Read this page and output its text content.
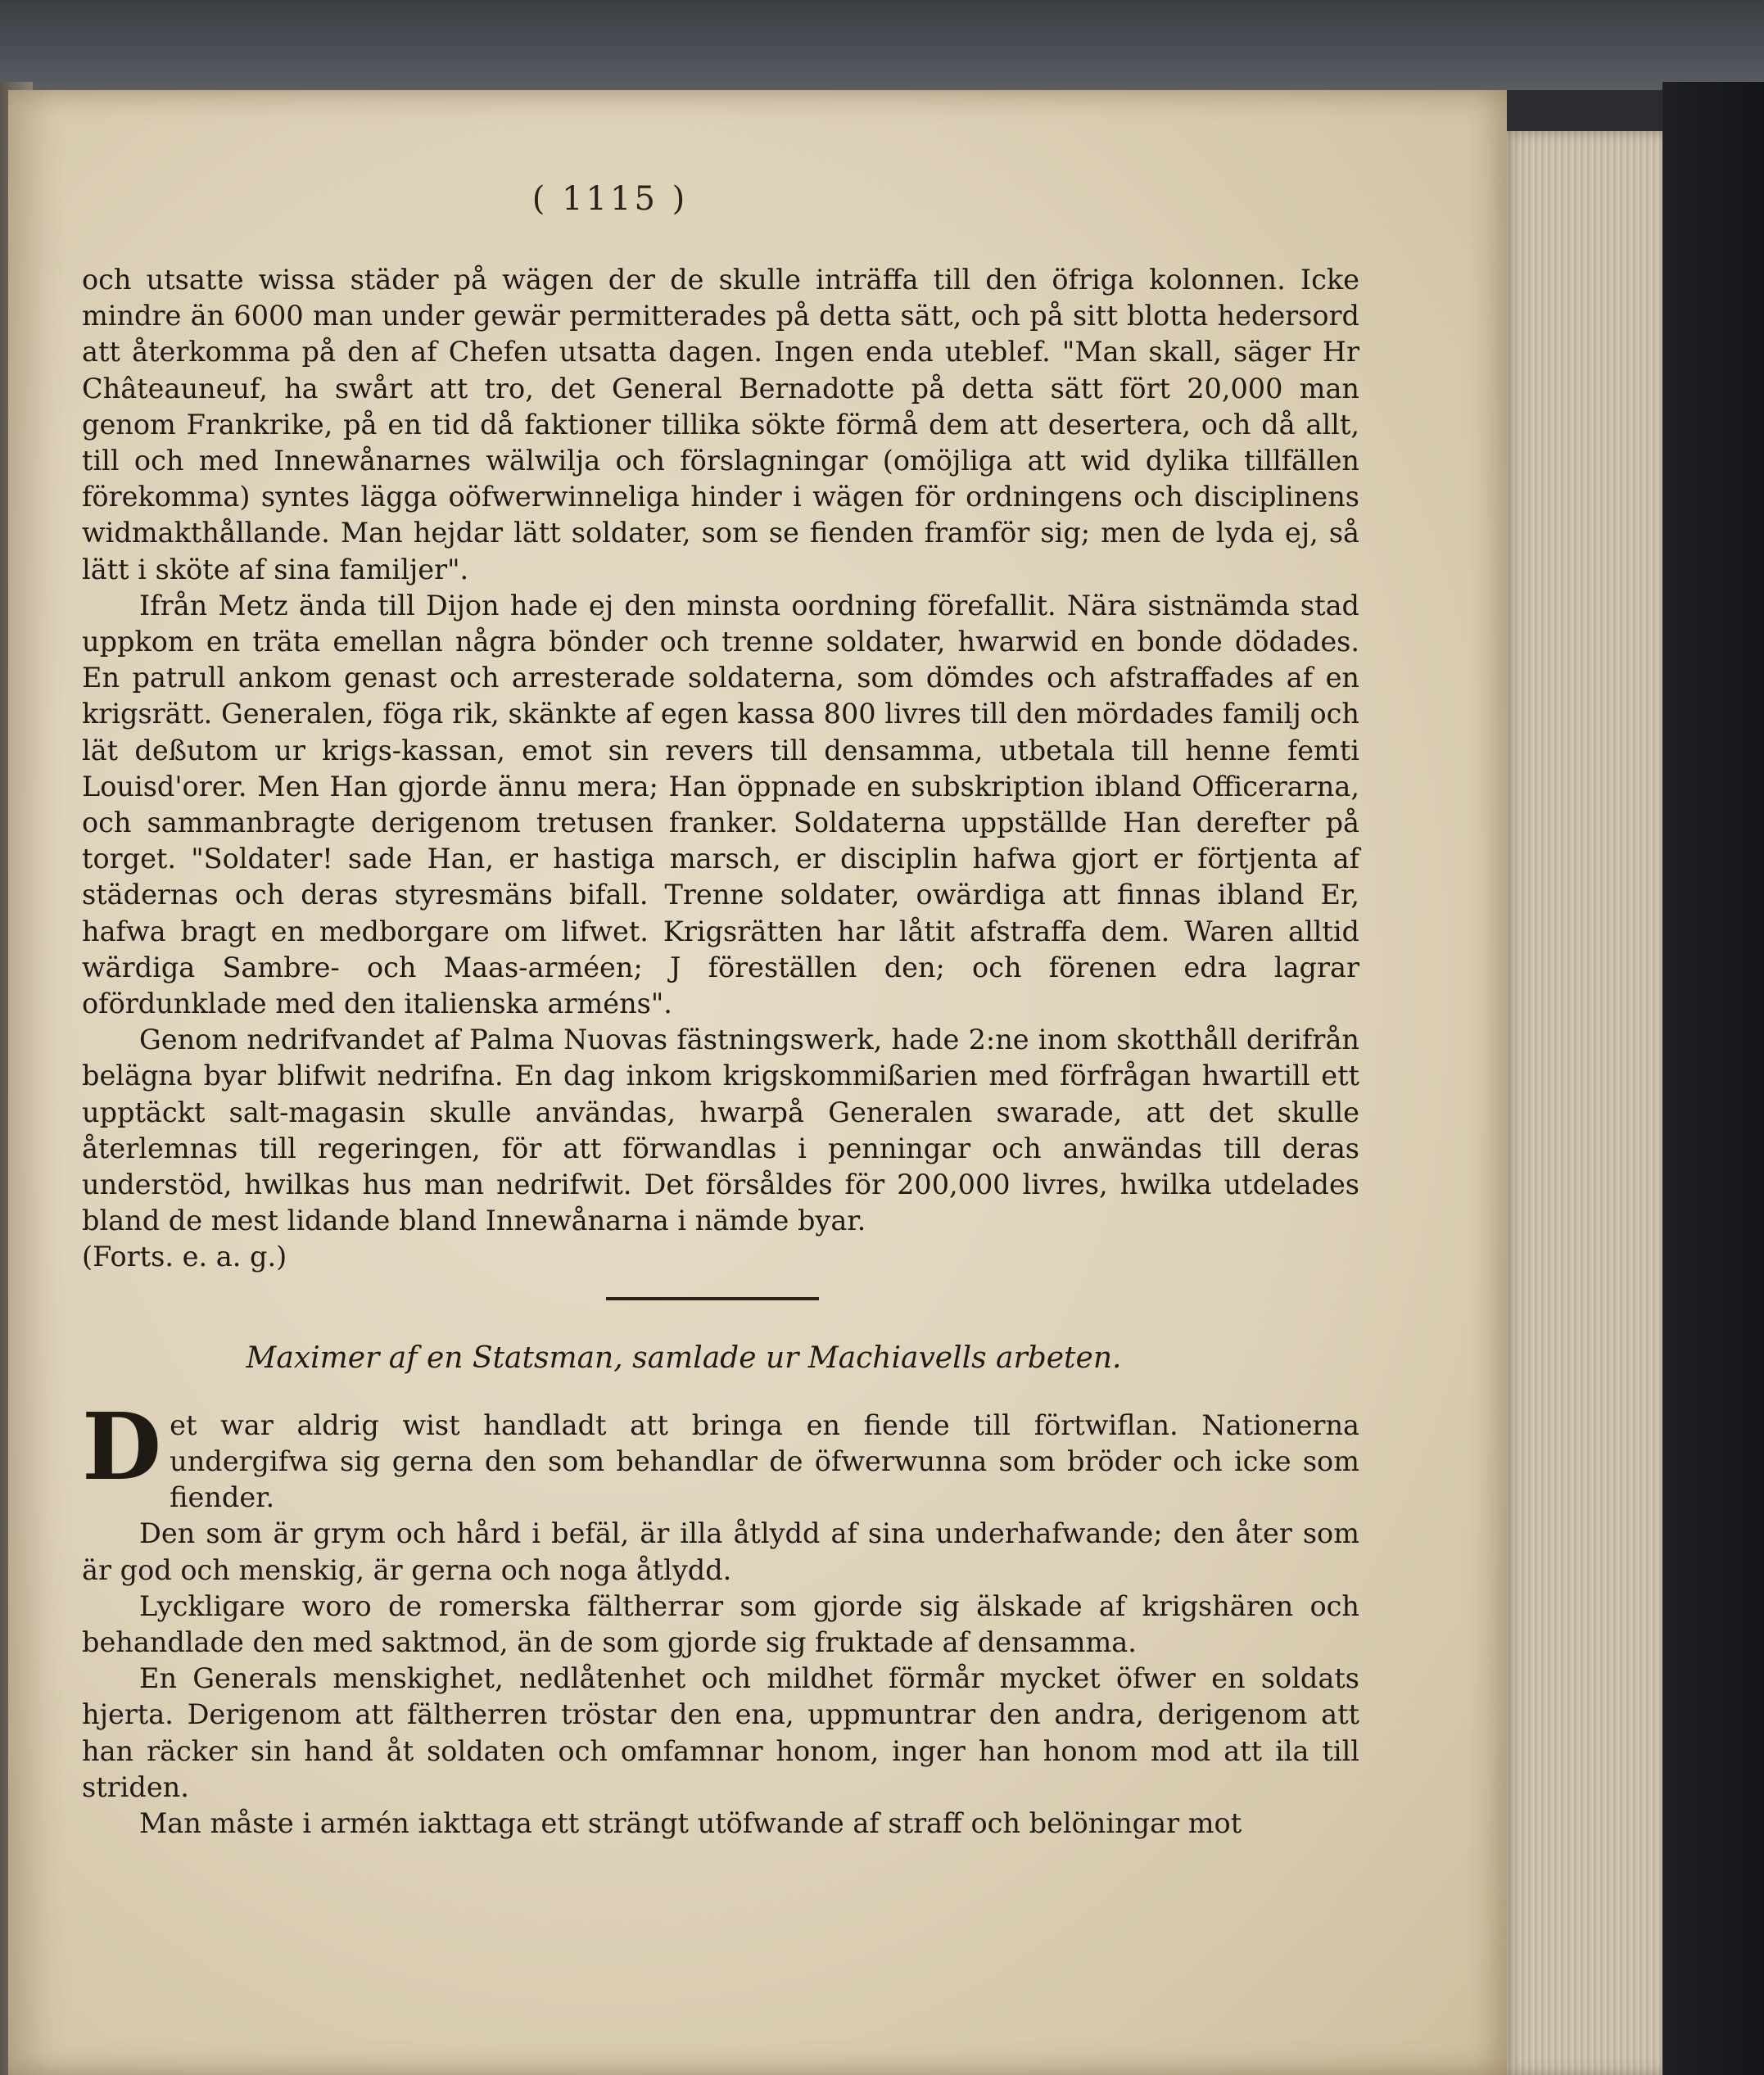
( 1115 )

och utsatte wissa städer på wägen der de skulle inträffa till den öfriga kolonnen. Icke mindre än 6000 man under gewär permitterades på detta sätt, och på sitt blotta hedersord att återkomma på den af Chefen utsatta dagen. Ingen enda uteblef. "Man skall, säger Hr Châteauneuf, ha swårt att tro, det General Bernadotte på detta sätt fört 20,000 man genom Frankrike, på en tid då faktioner tillika sökte förmå dem att desertera, och då allt, till och med Innewånarnes wälwilja och förslagningar (omöjliga att wid dylika tillfällen förekomma) syntes lägga oöfwerwinneliga hinder i wägen för ordningens och disciplinens widmakthållande. Man hejdar lätt soldater, som se fienden framför sig; men de lyda ej, så lätt i sköte af sina familjer".

Ifrån Metz ända till Dijon hade ej den minsta oordning förefallit. Nära sistnämda stad uppkom en träta emellan några bönder och trenne soldater, hwarwid en bonde dödades. En patrull ankom genast och arresterade soldaterna, som dömdes och afstraffades af en krigsrätt. Generalen, föga rik, skänkte af egen kassa 800 livres till den mördades familj och lät deßutom ur krigs-kassan, emot sin revers till densamma, utbetala till henne femti Louisd'orer. Men Han gjorde ännu mera; Han öppnade en subskription ibland Officerarna, och sammanbragte derigenom tretusen franker. Soldaterna uppställde Han derefter på torget. "Soldater! sade Han, er hastiga marsch, er disciplin hafwa gjort er förtjenta af städernas och deras styresmäns bifall. Trenne soldater, owärdiga att finnas ibland Er, hafwa bragt en medborgare om lifwet. Krigsrätten har låtit afstraffa dem. Waren alltid wärdiga Sambre- och Maas-arméen; J föreställen den; och förenen edra lagrar ofördunklade med den italienska arméns".

Genom nedrifvandet af Palma Nuovas fästningswerk, hade 2:ne inom skotthåll derifrån belägna byar blifwit nedrifna. En dag inkom krigskommißarien med förfrågan hwartill ett upptäckt salt-magasin skulle användas, hwarpå Generalen swarade, att det skulle återlemnas till regeringen, för att förwandlas i penningar och anwändas till deras understöd, hwilkas hus man nedrifwit. Det försåldes för 200,000 livres, hwilka utdelades bland de mest lidande bland Innewånarna i nämde byar.

(Forts. e. a. g.)

Maximer af en Statsman, samlade ur Machiavells arbeten.

Det war aldrig wist handladt att bringa en fiende till förtwiflan. Nationerna undergifwa sig gerna den som behandlar de öfwerwunna som bröder och icke som fiender.

Den som är grym och hård i befäl, är illa åtlydd af sina underhafwande; den åter som är god och menskig, är gerna och noga åtlydd.

Lyckligare woro de romerska fältherrar som gjorde sig älskade af krigshären och behandlade den med saktmod, än de som gjorde sig fruktade af densamma.

En Generals menskighet, nedlåtenhet och mildhet förmår mycket öfwer en soldats hjerta. Derigenom att fältherren tröstar den ena, uppmuntrar den andra, derigenom att han räcker sin hand åt soldaten och omfamnar honom, inger han honom mod att ila till striden.

Man måste i armén iakttaga ett strängt utöfwande af straff och belöningar mot
